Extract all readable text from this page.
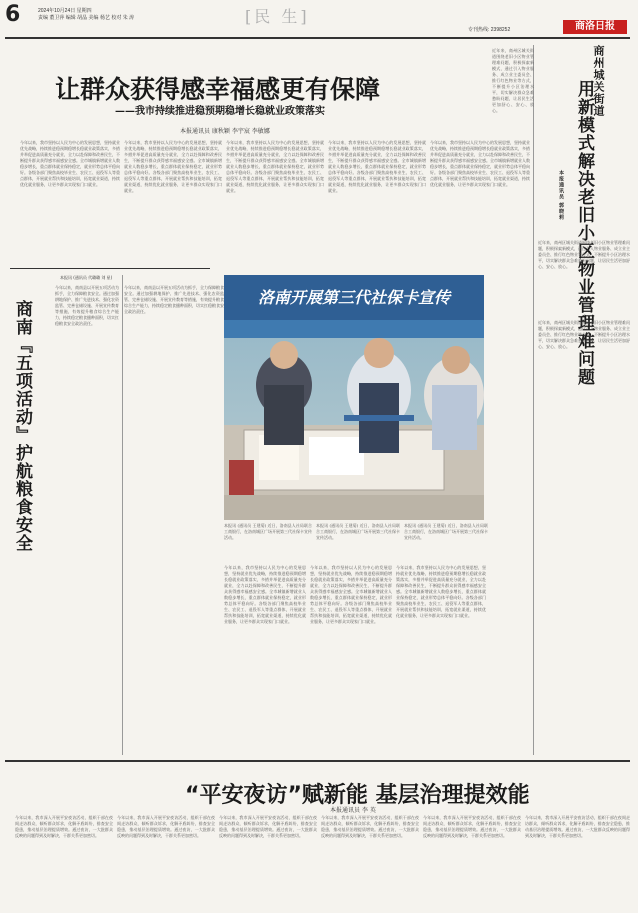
6	2024年10月24日 星期四
责编 董卫萍 编辑 胡晶 美编 杨艺 校对 朱 涛	[民 生]
专刊热线: 2398252	商洛日报
让群众获得感幸福感更有保障
——我市持续推进稳预期稳增长稳就业政策落实
本报通讯员 康秋颖 李宇宸 李敏娜
今年以来，我市坚持以人民为中心的发展思想，坚持就业优先战略，持续推进稳预期稳增长稳就业政策落实，多措并举促进高质量充分就业，全力以赴保障和改善民生，不断提升群众获得感幸福感安全感。全市城镇新增就业人数稳步增长，重点群体就业保持稳定，就业形势总体平稳向好。各级各部门聚焦高校毕业生、农民工、退役军人等重点群体，开展就业帮扶和技能培训，拓宽就业渠道，持续优化就业服务，让更多群众实现家门口就业。
今年以来，我市坚持以人民为中心的发展思想，坚持就业优先战略，持续推进稳预期稳增长稳就业政策落实，多措并举促进高质量充分就业，全力以赴保障和改善民生，不断提升群众获得感幸福感安全感。全市城镇新增就业人数稳步增长，重点群体就业保持稳定，就业形势总体平稳向好。各级各部门聚焦高校毕业生、农民工、退役军人等重点群体，开展就业帮扶和技能培训，拓宽就业渠道，持续优化就业服务，让更多群众实现家门口就业。
今年以来，我市坚持以人民为中心的发展思想，坚持就业优先战略，持续推进稳预期稳增长稳就业政策落实，多措并举促进高质量充分就业，全力以赴保障和改善民生，不断提升群众获得感幸福感安全感。全市城镇新增就业人数稳步增长，重点群体就业保持稳定，就业形势总体平稳向好。各级各部门聚焦高校毕业生、农民工、退役军人等重点群体，开展就业帮扶和技能培训，拓宽就业渠道，持续优化就业服务，让更多群众实现家门口就业。
今年以来，我市坚持以人民为中心的发展思想，坚持就业优先战略，持续推进稳预期稳增长稳就业政策落实，多措并举促进高质量充分就业，全力以赴保障和改善民生，不断提升群众获得感幸福感安全感。全市城镇新增就业人数稳步增长，重点群体就业保持稳定，就业形势总体平稳向好。各级各部门聚焦高校毕业生、农民工、退役军人等重点群体，开展就业帮扶和技能培训，拓宽就业渠道，持续优化就业服务，让更多群众实现家门口就业。
今年以来，我市坚持以人民为中心的发展思想，坚持就业优先战略，持续推进稳预期稳增长稳就业政策落实，多措并举促进高质量充分就业，全力以赴保障和改善民生，不断提升群众获得感幸福感安全感。全市城镇新增就业人数稳步增长，重点群体就业保持稳定，就业形势总体平稳向好。各级各部门聚焦高校毕业生、农民工、退役军人等重点群体，开展就业帮扶和技能培训，拓宽就业渠道，持续优化就业服务，让更多群众实现家门口就业。
商州城关街道
用新模式解决老旧小区物业管理难问题
本报通讯员 郭晓莉
近年来，商州区城关街道围绕老旧小区物业管理难问题，积极探索新模式，通过引入物业服务、成立业主委员会、推行红色物业等方式，不断提升小区治理水平，切实解决群众急难愁盼问题，让居民生活更加舒心、安心、放心。
近年来，商州区城关街道围绕老旧小区物业管理难问题，积极探索新模式，通过引入物业服务、成立业主委员会、推行红色物业等方式，不断提升小区治理水平，切实解决群众急难愁盼问题，让居民生活更加舒心、安心、放心。
近年来，商州区城关街道围绕老旧小区物业管理难问题，积极探索新模式，通过引入物业服务、成立业主委员会、推行红色物业等方式，不断提升小区治理水平，切实解决群众急难愁盼问题，让居民生活更加舒心、安心、放心。
商南『五项活动』护航粮食安全
本报讯 (通讯员 代璐璐 刘 星)
今年以来，商南县以开展五项活动为抓手，全力保障粮食安全。通过加强耕地保护、推广先进技术、强化农资监管、完善仓储设施、开展宣传教育等措施，有效提升粮食综合生产能力，持续稳定粮食播种面积，切实扛稳粮食安全政治责任。
今年以来，商南县以开展五项活动为抓手，全力保障粮食安全。通过加强耕地保护、推广先进技术、强化农资监管、完善仓储设施、开展宣传教育等措施，有效提升粮食综合生产能力，持续稳定粮食播种面积，切实扛稳粮食安全政治责任。
洛南开展第三代社保卡宣传
本报讯 (通讯员 王建菊) 近日，洛南县人社局联合工商银行，在洛南城区广场开展第三代社保卡宣传活动。
本报讯 (通讯员 王建菊) 近日，洛南县人社局联合工商银行，在洛南城区广场开展第三代社保卡宣传活动。
本报讯 (通讯员 王建菊) 近日，洛南县人社局联合工商银行，在洛南城区广场开展第三代社保卡宣传活动。
今年以来，我市坚持以人民为中心的发展思想，坚持就业优先战略，持续推进稳预期稳增长稳就业政策落实，多措并举促进高质量充分就业，全力以赴保障和改善民生，不断提升群众获得感幸福感安全感。全市城镇新增就业人数稳步增长，重点群体就业保持稳定，就业形势总体平稳向好。各级各部门聚焦高校毕业生、农民工、退役军人等重点群体，开展就业帮扶和技能培训，拓宽就业渠道，持续优化就业服务，让更多群众实现家门口就业。
今年以来，我市坚持以人民为中心的发展思想，坚持就业优先战略，持续推进稳预期稳增长稳就业政策落实，多措并举促进高质量充分就业，全力以赴保障和改善民生，不断提升群众获得感幸福感安全感。全市城镇新增就业人数稳步增长，重点群体就业保持稳定，就业形势总体平稳向好。各级各部门聚焦高校毕业生、农民工、退役军人等重点群体，开展就业帮扶和技能培训，拓宽就业渠道，持续优化就业服务，让更多群众实现家门口就业。
今年以来，我市坚持以人民为中心的发展思想，坚持就业优先战略，持续推进稳预期稳增长稳就业政策落实，多措并举促进高质量充分就业，全力以赴保障和改善民生，不断提升群众获得感幸福感安全感。全市城镇新增就业人数稳步增长，重点群体就业保持稳定，就业形势总体平稳向好。各级各部门聚焦高校毕业生、农民工、退役军人等重点群体，开展就业帮扶和技能培训，拓宽就业渠道，持续优化就业服务，让更多群众实现家门口就业。
“平安夜访”赋新能 基层治理提效能
本报通讯员 李 英
今年以来，我市深入开展平安夜访活动，组织干部在夜间走访群众，倾听群众诉求，化解矛盾纠纷，排查安全隐患，推动基层治理提质增效。通过夜访，一大批群众反映的问题得到及时解决，干群关系更加密切。
今年以来，我市深入开展平安夜访活动，组织干部在夜间走访群众，倾听群众诉求，化解矛盾纠纷，排查安全隐患，推动基层治理提质增效。通过夜访，一大批群众反映的问题得到及时解决，干群关系更加密切。
今年以来，我市深入开展平安夜访活动，组织干部在夜间走访群众，倾听群众诉求，化解矛盾纠纷，排查安全隐患，推动基层治理提质增效。通过夜访，一大批群众反映的问题得到及时解决，干群关系更加密切。
今年以来，我市深入开展平安夜访活动，组织干部在夜间走访群众，倾听群众诉求，化解矛盾纠纷，排查安全隐患，推动基层治理提质增效。通过夜访，一大批群众反映的问题得到及时解决，干群关系更加密切。
今年以来，我市深入开展平安夜访活动，组织干部在夜间走访群众，倾听群众诉求，化解矛盾纠纷，排查安全隐患，推动基层治理提质增效。通过夜访，一大批群众反映的问题得到及时解决，干群关系更加密切。
今年以来，我市深入开展平安夜访活动，组织干部在夜间走访群众，倾听群众诉求，化解矛盾纠纷，排查安全隐患，推动基层治理提质增效。通过夜访，一大批群众反映的问题得到及时解决，干群关系更加密切。
